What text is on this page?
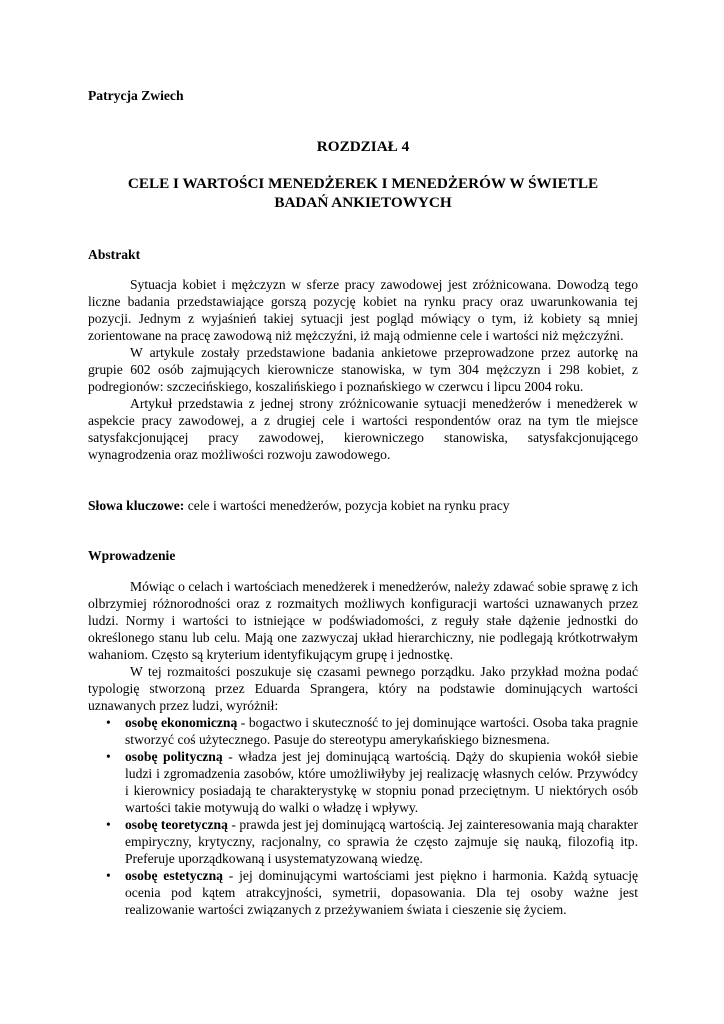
Patrycja Zwiech
ROZDZIAŁ 4
CELE I WARTOŚCI MENEDŻEREK I MENEDŻERÓW W ŚWIETLE
BADAŃ ANKIETOWYCH
Abstrakt

Sytuacja kobiet i mężczyzn w sferze pracy zawodowej jest zróżnicowana. Dowodzą tego liczne badania przedstawiające gorszą pozycję kobiet na rynku pracy oraz uwarunkowania tej pozycji. Jednym z wyjaśnień takiej sytuacji jest pogląd mówiący o tym, iż kobiety są mniej zorientowane na pracę zawodową niż mężczyźni, iż mają odmienne cele i wartości niż mężczyźni.

W artykule zostały przedstawione badania ankietowe przeprowadzone przez autorkę na grupie 602 osób zajmujących kierownicze stanowiska, w tym 304 mężczyzn i 298 kobiet, z podregionów: szczecińskiego, koszalińskiego i poznańskiego w czerwcu i lipcu 2004 roku.

Artykuł przedstawia z jednej strony zróżnicowanie sytuacji menedżerów i menedżerek w aspekcie pracy zawodowej, a z drugiej cele i wartości respondentów oraz na tym tle miejsce satysfakcjonującej pracy zawodowej, kierowniczego stanowiska, satysfakcjonującego wynagrodzenia oraz możliwości rozwoju zawodowego.

Słowa kluczowe: cele i wartości menedżerów, pozycja kobiet na rynku pracy
Wprowadzenie

Mówiąc o celach i wartościach menedżerek i menedżerów, należy zdawać sobie sprawę z ich olbrzymiej różnorodności oraz z rozmaitych możliwych konfiguracji wartości uznawanych przez ludzi. Normy i wartości to istniejące w podświadomości, z reguły stałe dążenie jednostki do określonego stanu lub celu. Mają one zazwyczaj układ hierarchiczny, nie podlegają krótkotrwałym wahaniom. Często są kryterium identyfikującym grupę i jednostkę.

W tej rozmaitości poszukuje się czasami pewnego porządku. Jako przykład można podać typologię stworzoną przez Eduarda Sprangera, który na podstawie dominujących wartości uznawanych przez ludzi, wyróżnił:

• osobę ekonomiczną - bogactwo i skuteczność to jej dominujące wartości. Osoba taka pragnie stworzyć coś użytecznego. Pasuje do stereotypu amerykańskiego biznesmena.
• osobę polityczną - władza jest jej dominującą wartością. Dąży do skupienia wokół siebie ludzi i zgromadzenia zasobów, które umożliwiłyby jej realizację własnych celów. Przywódcy i kierownicy posiadają te charakterystykę w stopniu ponad przeciętnym. U niektórych osób wartości takie motywują do walki o władzę i wpływy.
• osobę teoretyczną - prawda jest jej dominującą wartością. Jej zainteresowania mają charakter empiryczny, krytyczny, racjonalny, co sprawia że często zajmuje się nauką, filozofią itp. Preferuje uporządkowaną i usystematyzowaną wiedzę.
• osobę estetyczną - jej dominującymi wartościami jest piękno i harmonia. Każdą sytuację ocenia pod kątem atrakcyjności, symetrii, dopasowania. Dla tej osoby ważne jest realizowanie wartości związanych z przeżywaniem świata i cieszenie się życiem.
